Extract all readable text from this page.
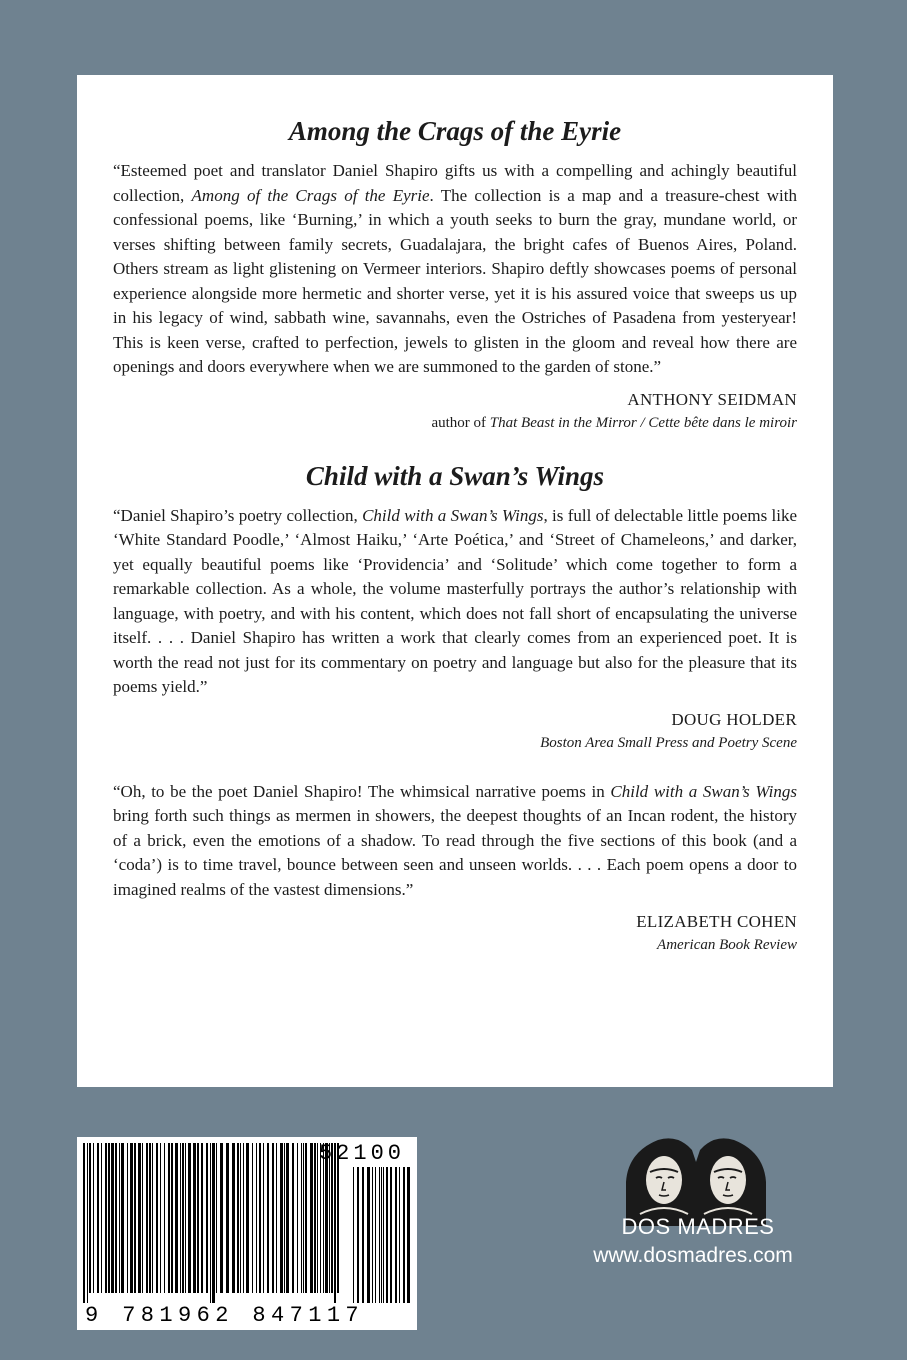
Among the Crags of the Eyrie

“Esteemed poet and translator Daniel Shapiro gifts us with a compelling and achingly beautiful collection, Among of the Crags of the Eyrie. The collection is a map and a treasure-chest with confessional poems, like ‘Burning,’ in which a youth seeks to burn the gray, mundane world, or verses shifting between family secrets, Guadalajara, the bright cafes of Buenos Aires, Poland. Others stream as light glistening on Vermeer interiors. Shapiro deftly showcases poems of personal experience alongside more hermetic and shorter verse, yet it is his assured voice that sweeps us up in his legacy of wind, sabbath wine, savannahs, even the Ostriches of Pasadena from yesteryear! This is keen verse, crafted to perfection, jewels to glisten in the gloom and reveal how there are openings and doors everywhere when we are summoned to the garden of stone.”

ANTHONY SEIDMAN
author of That Beast in the Mirror / Cette bête dans le miroir
Child with a Swan’s Wings

“Daniel Shapiro’s poetry collection, Child with a Swan’s Wings, is full of delectable little poems like ‘White Standard Poodle,’ ‘Almost Haiku,’ ‘Arte Poética,’ and ‘Street of Chameleons,’ and darker, yet equally beautiful poems like ‘Providencia’ and ‘Solitude’ which come together to form a remarkable collection. As a whole, the volume masterfully portrays the author’s relationship with language, with poetry, and with his content, which does not fall short of encapsulating the universe itself. . . . Daniel Shapiro has written a work that clearly comes from an experienced poet. It is worth the read not just for its commentary on poetry and language but also for the pleasure that its poems yield.”

DOUG HOLDER
Boston Area Small Press and Poetry Scene

“Oh, to be the poet Daniel Shapiro! The whimsical narrative poems in Child with a Swan’s Wings bring forth such things as mermen in showers, the deepest thoughts of an Incan rodent, the history of a brick, even the emotions of a shadow. To read through the five sections of this book (and a ‘coda’) is to time travel, bounce between seen and unseen worlds. . . . Each poem opens a door to imagined realms of the vastest dimensions.”

ELIZABETH COHEN
American Book Review
52100
9 781962 847117
DOS MADRES
www.dosmadres.com
